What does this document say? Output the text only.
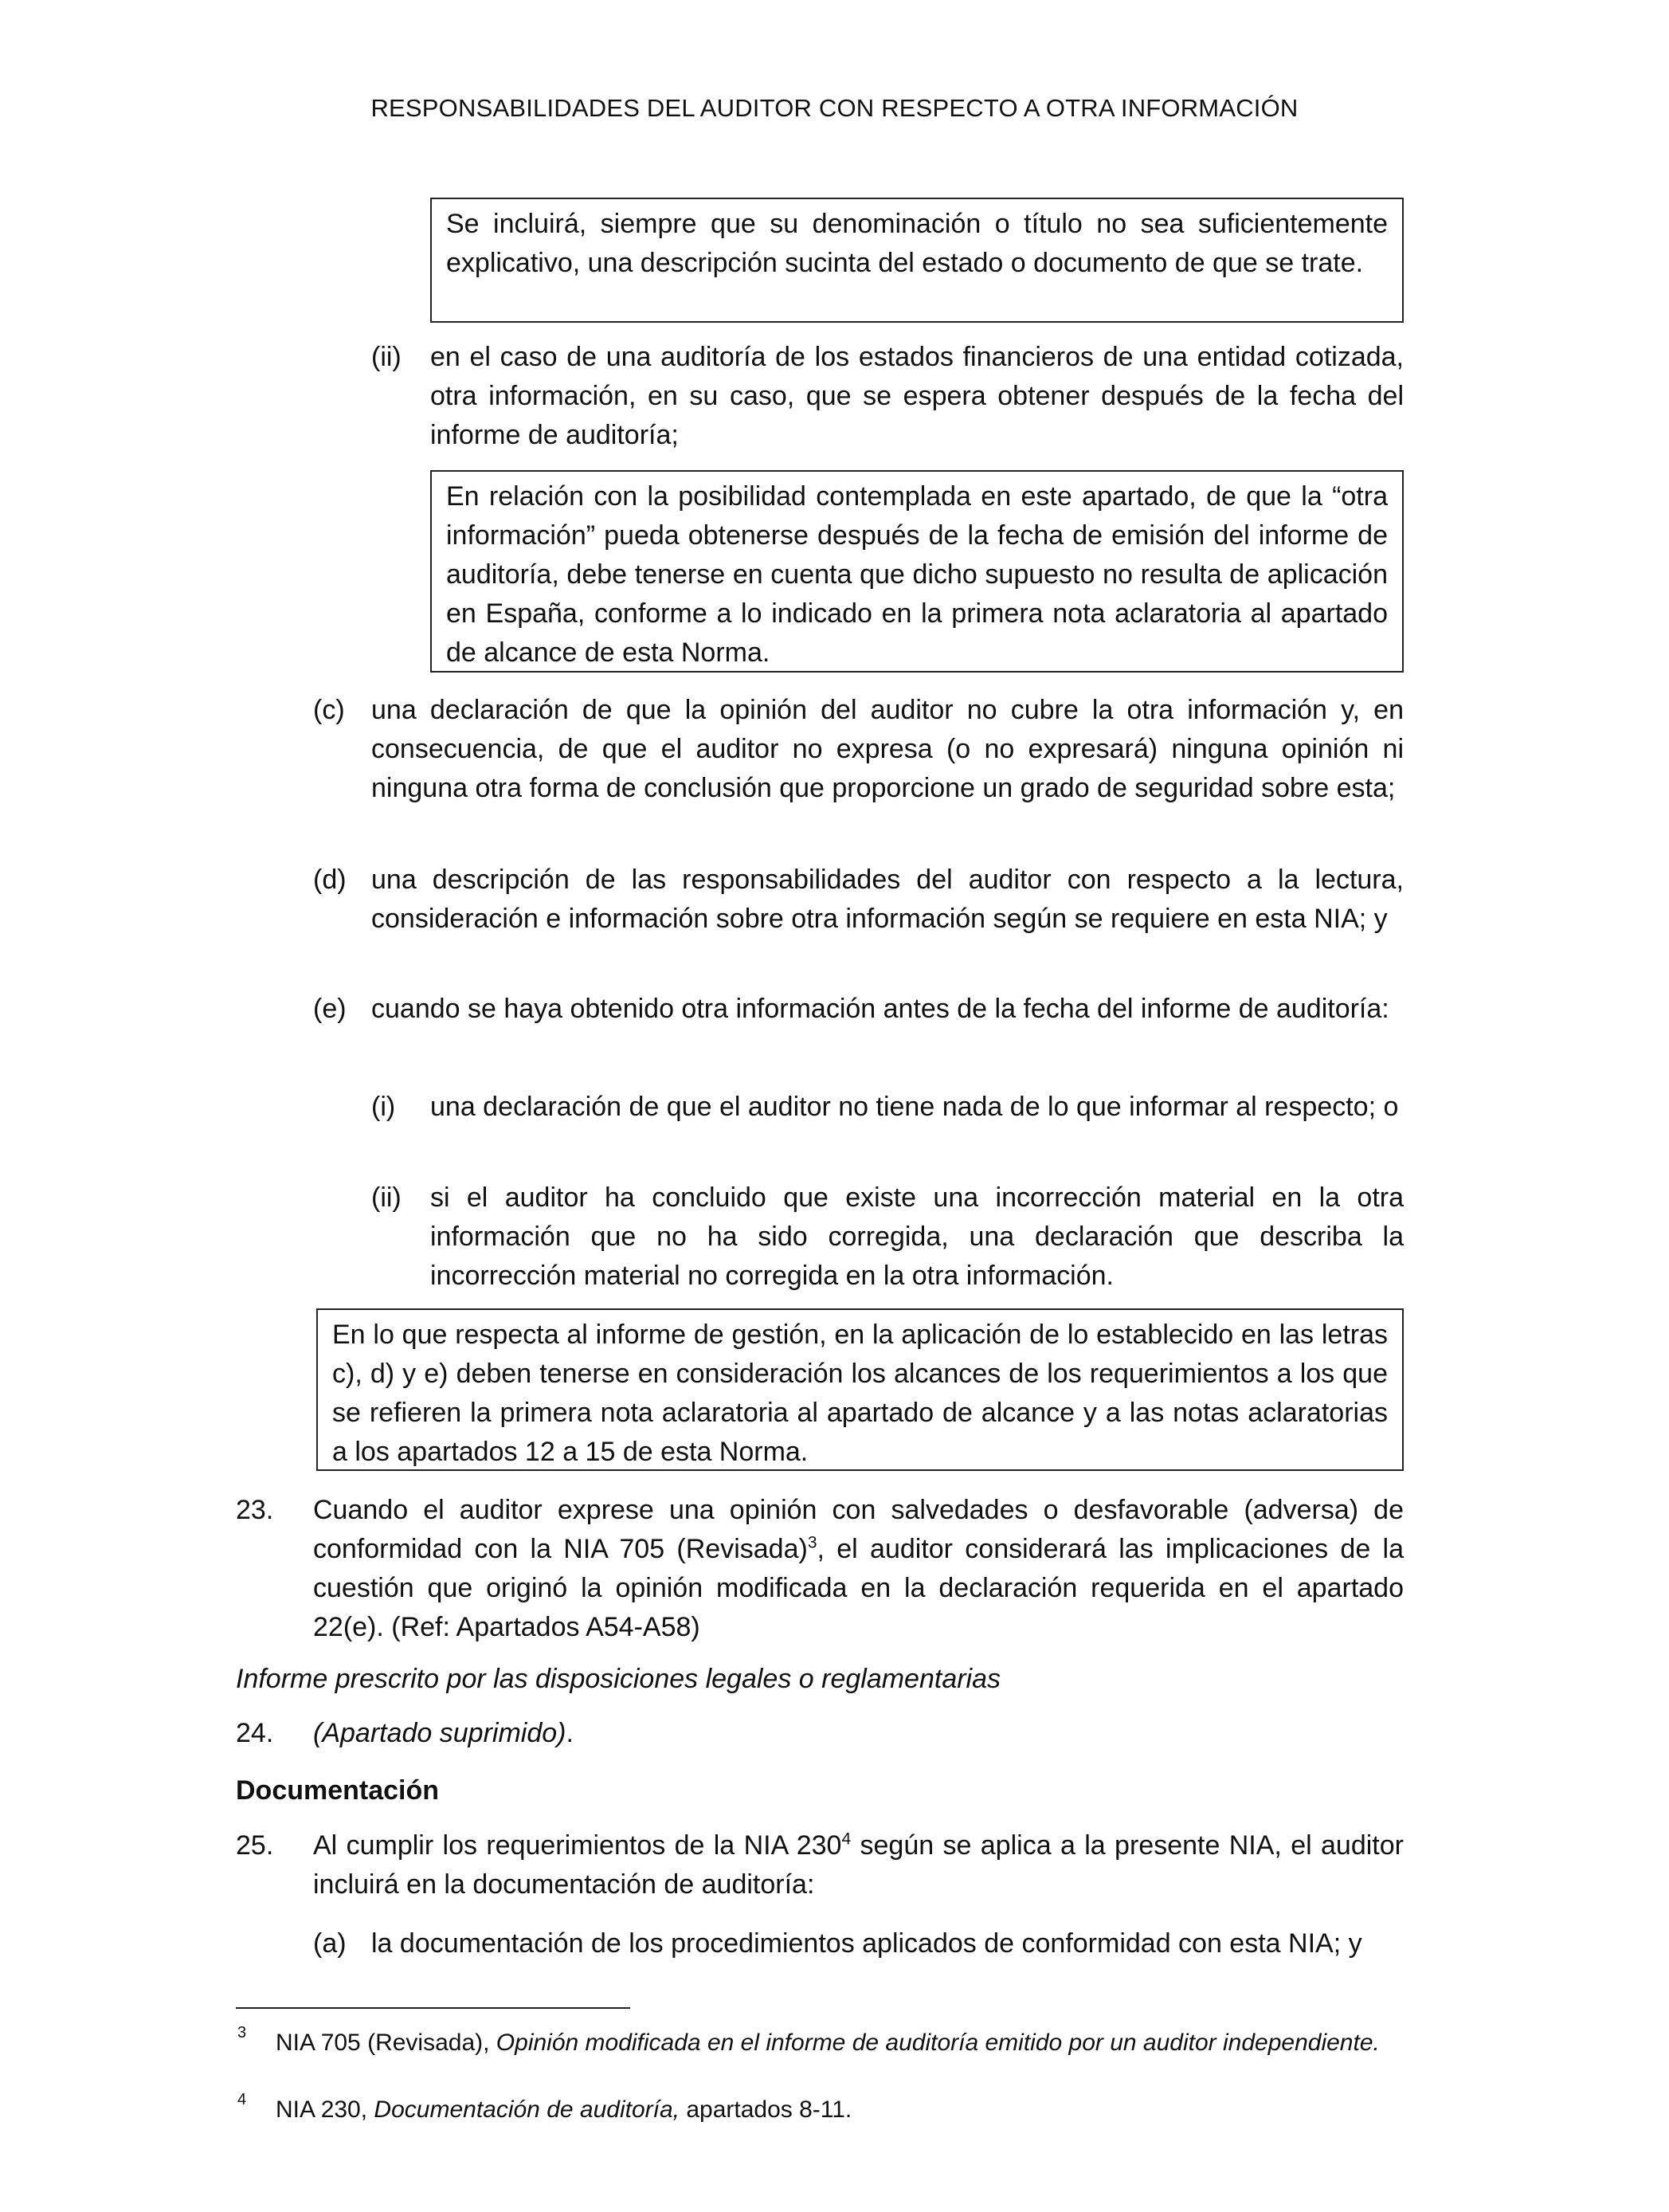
RESPONSABILIDADES DEL AUDITOR CON RESPECTO A OTRA INFORMACIÓN
Se incluirá, siempre que su denominación o título no sea suficientemente explicativo, una descripción sucinta del estado o documento de que se trate.
(ii) en el caso de una auditoría de los estados financieros de una entidad cotizada, otra información, en su caso, que se espera obtener después de la fecha del informe de auditoría;

En relación con la posibilidad contemplada en este apartado, de que la “otra información” pueda obtenerse después de la fecha de emisión del informe de auditoría, debe tenerse en cuenta que dicho supuesto no resulta de aplicación en España, conforme a lo indicado en la primera nota aclaratoria al apartado de alcance de esta Norma.
(c) una declaración de que la opinión del auditor no cubre la otra información y, en consecuencia, de que el auditor no expresa (o no expresará) ninguna opinión ni ninguna otra forma de conclusión que proporcione un grado de seguridad sobre esta;

(d) una descripción de las responsabilidades del auditor con respecto a la lectura, consideración e información sobre otra información según se requiere en esta NIA; y

(e) cuando se haya obtenido otra información antes de la fecha del informe de auditoría:

(i) una declaración de que el auditor no tiene nada de lo que informar al respecto; o

(ii) si el auditor ha concluido que existe una incorrección material en la otra información que no ha sido corregida, una declaración que describa la incorrección material no corregida en la otra información.

En lo que respecta al informe de gestión, en la aplicación de lo establecido en las letras c), d) y e) deben tenerse en consideración los alcances de los requerimientos a los que se refieren la primera nota aclaratoria al apartado de alcance y a las notas aclaratorias a los apartados 12 a 15 de esta Norma.
23. Cuando el auditor exprese una opinión con salvedades o desfavorable (adversa) de conformidad con la NIA 705 (Revisada)$^3$, el auditor considerará las implicaciones de la cuestión que originó la opinión modificada en la declaración requerida en el apartado 22(e). (Ref: Apartados A54-A58)

Informe prescrito por las disposiciones legales o reglamentarias

24. (Apartado suprimido).

Documentación

25. Al cumplir los requerimientos de la NIA $230^4$ según se aplica a la presente NIA, el auditor incluirá en la documentación de auditoría:

(a) la documentación de los procedimientos aplicados de conformidad con esta NIA; y

3 NIA 705 (Revisada), Opinión modificada en el informe de auditoría emitido por un auditor independiente.

4 NIA 230, Documentación de auditoría, apartados 8-11.
